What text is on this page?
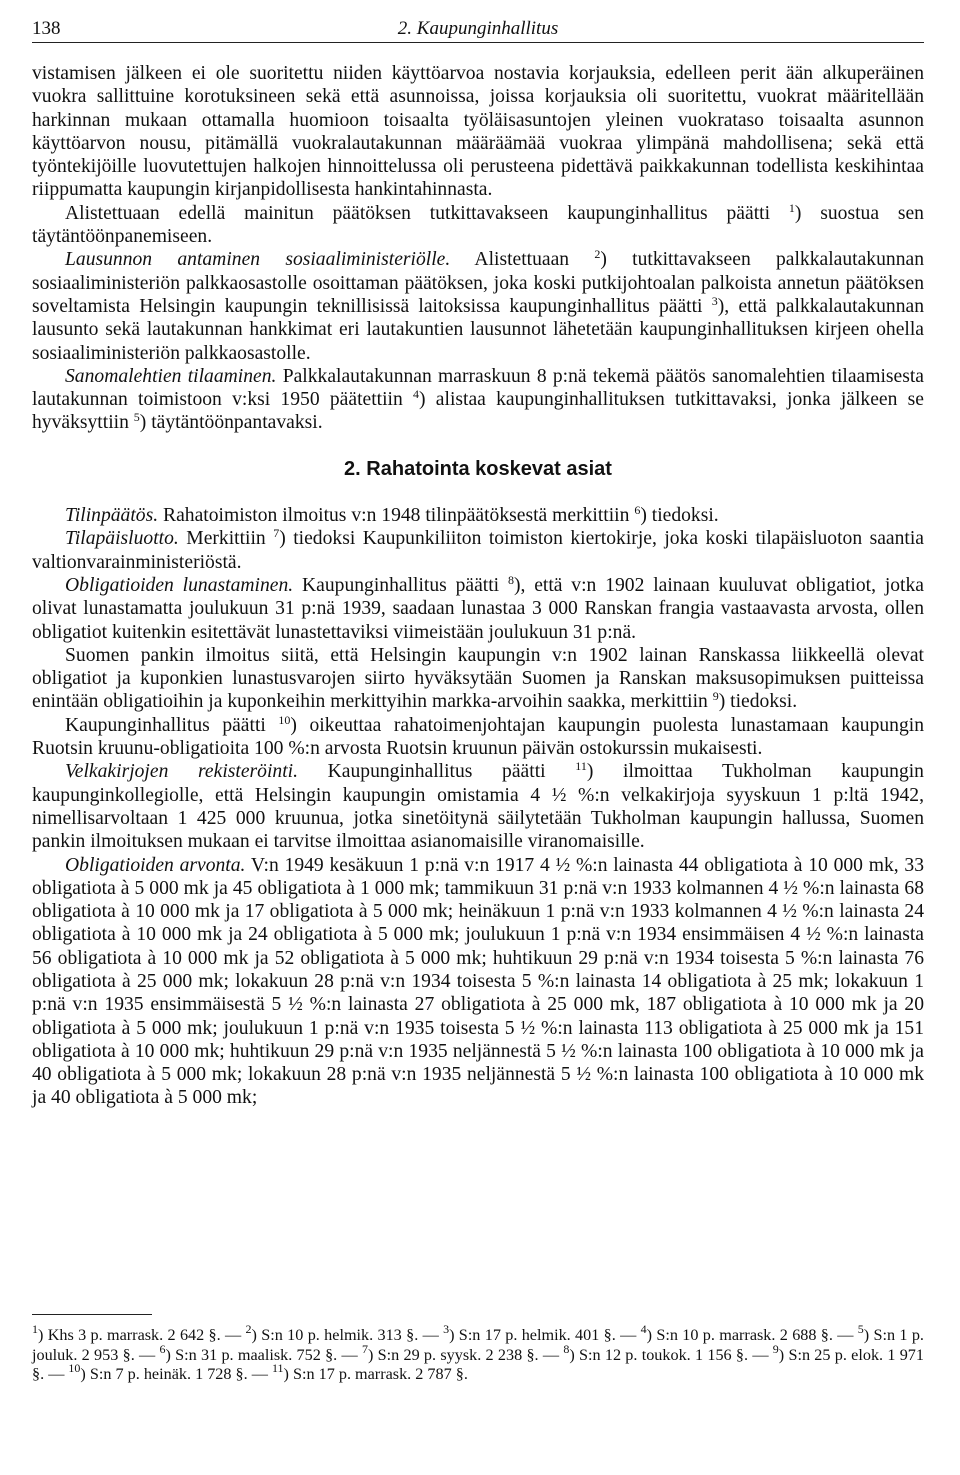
138	2. Kaupunginhallitus

vistamisen jälkeen ei ole suoritettu niiden käyttöarvoa nostavia korjauksia, edelleen perit ään alkuperäinen vuokra sallittuine korotuksineen sekä että asunnoissa, joissa korjauksia oli suoritettu, vuokrat määritellään harkinnan mukaan ottamalla huomioon toisaalta työläisasuntojen yleinen vuokrataso toisaalta asunnon käyttöarvon nousu, pitämällä vuokralautakunnan määräämää vuokraa ylimpänä mahdollisena; sekä että työntekijöille luovutettujen halkojen hinnoittelussa oli perusteena pidettävä paikkakunnan todellista keskihintaa riippumatta kaupungin kirjanpidollisesta hankintahinnasta.

Alistettuaan edellä mainitun päätöksen tutkittavakseen kaupunginhallitus päätti $^1$) suostua sen täytäntöönpanemiseen.

Lausunnon antaminen sosiaaliministeriölle. Alistettuaan $^2$) tutkittavakseen palkkalautakunnan sosiaaliministeriön palkkaosastolle osoittaman päätöksen, joka koski putkijohtoalan palkoista annetun päätöksen soveltamista Helsingin kaupungin teknillisissä laitoksissa kaupunginhallitus päätti $^3$), että palkkalautakunnan lausunto sekä lautakunnan hankkimat eri lautakuntien lausunnot lähetetään kaupunginhallituksen kirjeen ohella sosiaaliministeriön palkkaosastolle.

Sanomalehtien tilaaminen. Palkkalautakunnan marraskuun 8 p:nä tekemä päätös sanomalehtien tilaamisesta lautakunnan toimistoon v:ksi 1950 päätettiin $^4$) alistaa kaupunginhallituksen tutkittavaksi, jonka jälkeen se hyväksyttiin $^5$) täytäntöönpantavaksi.

2. Rahatointa koskevat asiat

Tilinpäätös. Rahatoimiston ilmoitus v:n 1948 tilinpäätöksestä merkittiin $^6$) tiedoksi.

Tilapäisluotto. Merkittiin $^7$) tiedoksi Kaupunkiliiton toimiston kiertokirje, joka koski tilapäisluoton saantia valtionvarainministeriöstä.

Obligatioiden lunastaminen. Kaupunginhallitus päätti $^8$), että v:n 1902 lainaan kuuluvat obligatiot, jotka olivat lunastamatta joulukuun 31 p:nä 1939, saadaan lunastaa 3 000 Ranskan frangia vastaavasta arvosta, ollen obligatiot kuitenkin esitettävät lunastettaviksi viimeistään joulukuun 31 p:nä.

Suomen pankin ilmoitus siitä, että Helsingin kaupungin v:n 1902 lainan Ranskassa liikkeellä olevat obligatiot ja kuponkien lunastusvarojen siirto hyväksytään Suomen ja Ranskan maksusopimuksen puitteissa enintään obligatioihin ja kuponkeihin merkittyihin markka-arvoihin saakka, merkittiin $^9$) tiedoksi.

Kaupunginhallitus päätti $^{10}$) oikeuttaa rahatoimenjohtajan kaupungin puolesta lunastamaan kaupungin Ruotsin kruunu-obligatioita 100 %:n arvosta Ruotsin kruunun päivän ostokurssin mukaisesti.

Velkakirjojen rekisteröinti. Kaupunginhallitus päätti $^{11}$) ilmoittaa Tukholman kaupungin kaupunginkollegiolle, että Helsingin kaupungin omistamia 4 ½ %:n velkakirjoja syyskuun 1 p:ltä 1942, nimellisarvoltaan 1 425 000 kruunua, jotka sinetöitynä säilytetään Tukholman kaupungin hallussa, Suomen pankin ilmoituksen mukaan ei tarvitse ilmoittaa asianomaisille viranomaisille.

Obligatioiden arvonta. V:n 1949 kesäkuun 1 p:nä v:n 1917 4 ½ %:n lainasta 44 obligatiota à 10 000 mk, 33 obligatiota à 5 000 mk ja 45 obligatiota à 1 000 mk; tammikuun 31 p:nä v:n 1933 kolmannen 4 ½ %:n lainasta 68 obligatiota à 10 000 mk ja 17 obligatiota à 5 000 mk; heinäkuun 1 p:nä v:n 1933 kolmannen 4 ½ %:n lainasta 24 obligatiota à 10 000 mk ja 24 obligatiota à 5 000 mk; joulukuun 1 p:nä v:n 1934 ensimmäisen 4 ½ %:n lainasta 56 obligatiota à 10 000 mk ja 52 obligatiota à 5 000 mk; huhtikuun 29 p:nä v:n 1934 toisesta 5 %:n lainasta 76 obligatiota à 25 000 mk; lokakuun 28 p:nä v:n 1934 toisesta 5 %:n lainasta 14 obligatiota à 25 mk; lokakuun 1 p:nä v:n 1935 ensimmäisestä 5 ½ %:n lainasta 27 obligatiota à 25 000 mk, 187 obligatiota à 10 000 mk ja 20 obligatiota à 5 000 mk; joulukuun 1 p:nä v:n 1935 toisesta 5 ½ %:n lainasta 113 obligatiota à 25 000 mk ja 151 obligatiota à 10 000 mk; huhtikuun 29 p:nä v:n 1935 neljännestä 5 ½ %:n lainasta 100 obligatiota à 10 000 mk ja 40 obligatiota à 5 000 mk; lokakuun 28 p:nä v:n 1935 neljännestä 5 ½ %:n lainasta 100 obligatiota à 10 000 mk ja 40 obligatiota à 5 000 mk;

$^1$) Khs 3 p. marrask. 2 642 §. — $^2$) S:n 10 p. helmik. 313 §. — $^3$) S:n 17 p. helmik. 401 §. — $^4$) S:n 10 p. marrask. 2 688 §. — $^5$) S:n 1 p. jouluk. 2 953 §. — $^6$) S:n 31 p. maalisk. 752 §. — $^7$) S:n 29 p. syysk. 2 238 §. — $^8$) S:n 12 p. toukok. 1 156 §. — $^9$) S:n 25 p. elok. 1 971 §. — $^{10}$) S:n 7 p. heinäk. 1 728 §. — $^{11}$) S:n 17 p. marrask. 2 787 §.
